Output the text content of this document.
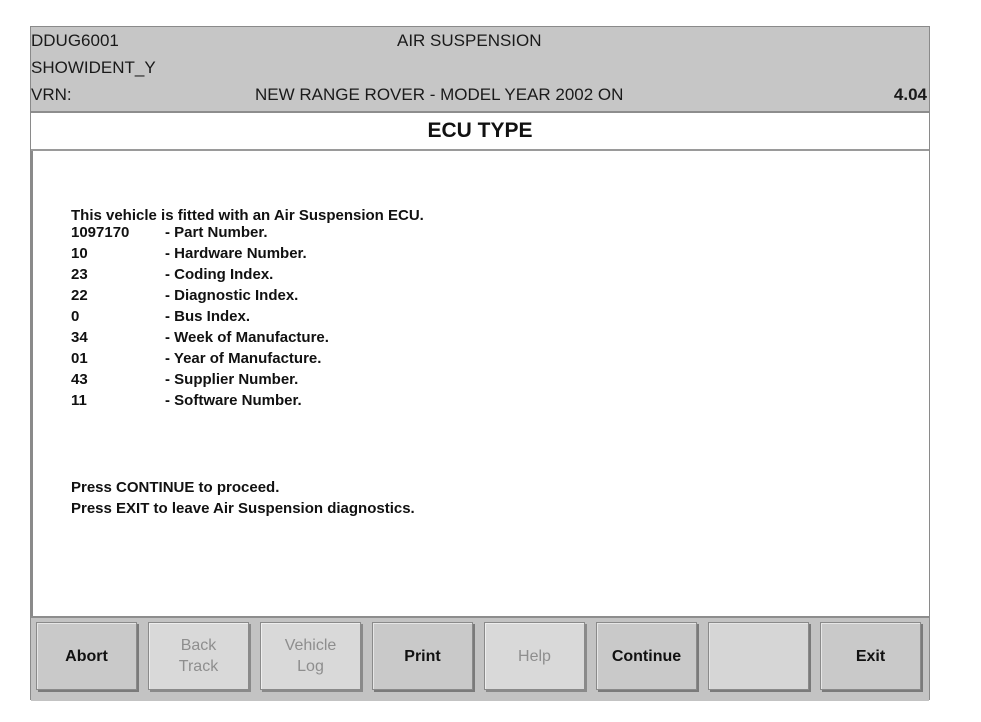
DDUG6001	AIR SUSPENSION
SHOWIDENT_Y
VRN:	NEW RANGE ROVER - MODEL YEAR 2002 ON	4.04
ECU TYPE
This vehicle is fitted with an Air Suspension ECU.
1097170 - Part Number.
10	- Hardware Number.
23	- Coding Index.
22	- Diagnostic Index.
0	- Bus Index.
34	- Week of Manufacture.
01	- Year of Manufacture.
43	- Supplier Number.
11	- Software Number.
Press CONTINUE to proceed.
Press EXIT to leave Air Suspension diagnostics.
Abort
Back
Track
Vehicle
Log
Print	Help	Continue	Exit
